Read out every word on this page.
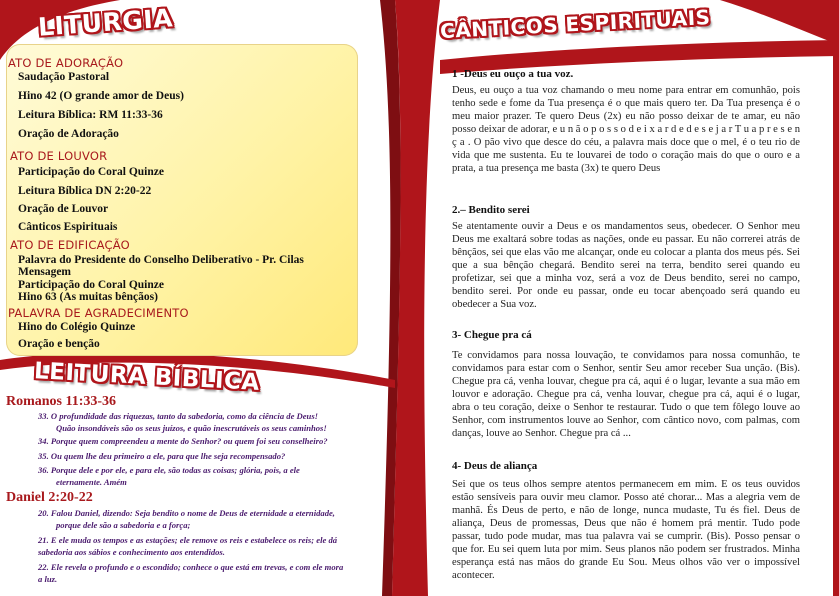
LITURGIA
ATO DE ADORAÇÃO
Saudação Pastoral
Hino 42 (O grande amor de Deus)
Leitura Bíblica: RM 11:33-36
Oração de Adoração
ATO DE LOUVOR
Participação do Coral Quinze
Leitura Bíblica DN 2:20-22
Oração de Louvor
Cânticos Espirituais
ATO DE EDIFICAÇÃO
Palavra do Presidente do Conselho Deliberativo - Pr. Cilas
Mensagem
Participação do Coral Quinze
Hino 63 (As muitas bênçãos)
PALAVRA DE AGRADECIMENTO
Hino do Colégio Quinze
Oração e benção
LEITURA BÍBLICA
Romanos 11:33-36
33. O profundidade das riquezas, tanto da sabedoria, como da ciência de Deus!
Quão insondáveis são os seus juízos, e quão inescrutáveis os seus caminhos!
34. Porque quem compreendeu a mente do Senhor? ou quem foi seu conselheiro?
35. Ou quem lhe deu primeiro a ele, para que lhe seja recompensado?
36. Porque dele e por ele, e para ele, são todas as coisas; glória, pois, a ele
eternamente. Amém
Daniel 2:20-22
20. Falou Daniel, dizendo: Seja bendito o nome de Deus de eternidade a eternidade,
porque dele são a sabedoria e a força;
21. E ele muda os tempos e as estações; ele remove os reis e estabelece os reis; ele dá
sabedoria aos sábios e conhecimento aos entendidos.
22. Ele revela o profundo e o escondido; conhece o que está em trevas, e com ele mora
a luz.
CÂNTICOS ESPIRITUAIS
1 -Deus eu ouço a tua voz.
Deus, eu ouço a tua voz chamando o meu nome para entrar em comunhão, pois tenho sede e fome da Tua presença é o que mais quero ter. Da Tua presença é o meu maior prazer. Te quero Deus (2x) eu não posso deixar de te amar, eu não posso deixar de adorar, e u n ã o p o s s o d e i x a r d e d e s e j a r T u a p r e s e n ç a . O pão vivo que desce do céu, a palavra mais doce que o mel, é o teu rio de vida que me sustenta. Eu te louvarei de todo o coração mais do que o ouro e a prata, a tua presença me basta (3x) te quero Deus
2.– Bendito serei
Se atentamente ouvir a Deus e os mandamentos seus, obedecer. O Senhor meu Deus me exaltará sobre todas as nações, onde eu passar. Eu não correrei atrás de bênçãos, sei que elas vão me alcançar, onde eu colocar a planta dos meus pés. Sei que a sua bênção chegará. Bendito serei na terra, bendito serei quando eu profetizar, sei que a minha voz, será a voz de Deus bendito, serei no campo, bendito serei. Por onde eu passar, onde eu tocar abençoado será quando eu obedecer a Sua voz.
3- Chegue pra cá
Te convidamos para nossa louvação, te convidamos para nossa comunhão, te convidamos para estar com o Senhor, sentir Seu amor receber Sua unção. (Bis). Chegue pra cá, venha louvar, chegue pra cá, aqui é o lugar, levante a sua mão em louvor e adoração. Chegue pra cá, venha louvar, chegue pra cá, aqui é o lugar, abra o teu coração, deixe o Senhor te restaurar. Tudo o que tem fôlego louve ao Senhor, com instrumentos louve ao Senhor, com cântico novo, com palmas, com danças, louve ao Senhor. Chegue pra cá ...
4- Deus de aliança
Sei que os teus olhos sempre atentos permanecem em mim. E os teus ouvidos estão sensíveis para ouvir meu clamor. Posso até chorar... Mas a alegria vem de manhã. És Deus de perto, e não de longe, nunca mudaste, Tu és fiel. Deus de aliança, Deus de promessas, Deus que não é homem prá mentir. Tudo pode passar, tudo pode mudar, mas tua palavra vai se cumprir. (Bis). Posso pensar o que for. Eu sei quem luta por mim. Seus planos não podem ser frustrados. Minha esperança está nas mãos do grande Eu Sou. Meus olhos vão ver o impossível acontecer.
